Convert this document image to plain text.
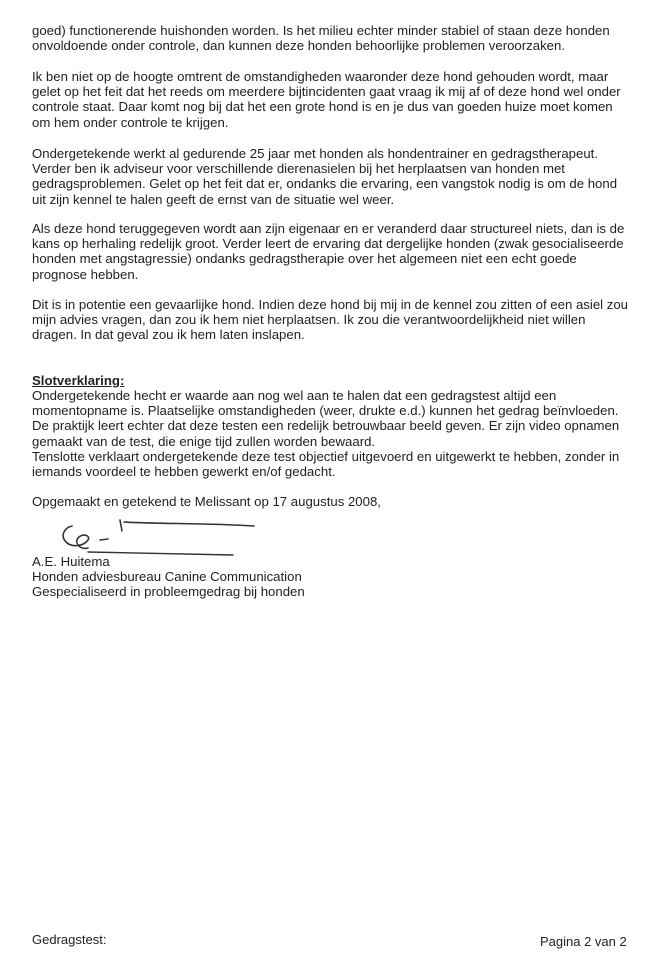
goed) functionerende huishonden worden. Is het milieu echter minder stabiel of staan deze honden
onvoldoende onder controle, dan kunnen deze honden behoorlijke problemen veroorzaken.
Ik ben niet op de hoogte omtrent de omstandigheden waaronder deze hond gehouden wordt, maar
gelet op het feit dat het reeds om meerdere bijtincidenten gaat vraag ik mij af of deze hond wel onder
controle staat. Daar komt nog bij dat het een grote hond is en je dus van goeden huize moet komen
om hem onder controle te krijgen.
Ondergetekende werkt al gedurende 25 jaar met honden als hondentrainer en gedragstherapeut.
Verder ben ik adviseur voor verschillende dierenasielen bij het herplaatsen van honden met
gedragsproblemen. Gelet op het feit dat er, ondanks die ervaring, een vangstok nodig is om de hond
uit zijn kennel te halen geeft de ernst van de situatie wel weer.
Als deze hond teruggegeven wordt aan zijn eigenaar en er veranderd daar structureel niets, dan is de
kans op herhaling redelijk groot. Verder leert de ervaring dat dergelijke honden (zwak gesocialiseerde
honden met angstagressie) ondanks gedragstherapie over het algemeen niet een echt goede
prognose hebben.
Dit is in potentie een gevaarlijke hond. Indien deze hond bij mij in de kennel zou zitten of een asiel zou
mijn advies vragen, dan zou ik hem niet herplaatsen. Ik zou die verantwoordelijkheid niet willen
dragen. In dat geval zou ik hem laten inslapen.
Slotverklaring:
Ondergetekende hecht er waarde aan nog wel aan te halen dat een gedragstest altijd een
momentopname is. Plaatselijke omstandigheden (weer, drukte e.d.) kunnen het gedrag beïnvloeden.
De praktijk leert echter dat deze testen een redelijk betrouwbaar beeld geven. Er zijn video opnamen
gemaakt van de test, die enige tijd zullen worden bewaard.
Tenslotte verklaart ondergetekende deze test objectief uitgevoerd en uitgewerkt te hebben, zonder in
iemands voordeel te hebben gewerkt en/of gedacht.
Opgemaakt en getekend te Melissant op 17 augustus 2008,
A.E. Huitema
Honden adviesbureau Canine Communication
Gespecialiseerd in probleemgedrag bij honden
Gedragstest:	Pagina 2 van 2
